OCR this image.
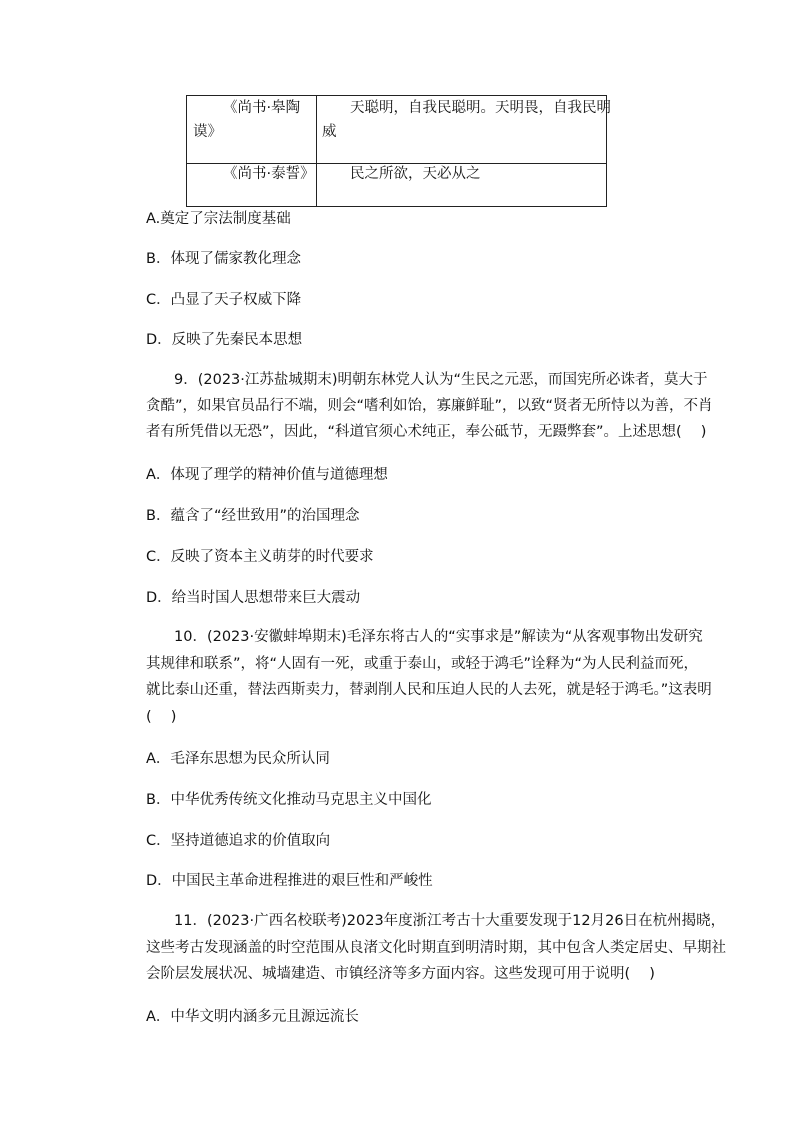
《尚书·皋陶
谟》	天聪明，自我民聪明。天明畏，自我民明
威

《尚书·泰誓》	民之所欲，天必从之
A.奠定了宗法制度基础
B．体现了儒家教化理念
C．凸显了天子权威下降
D．反映了先秦民本思想
9．(2023·江苏盐城期末)明朝东林党人认为“生民之元恶，而国宪所必诛者，莫大于
贪酷”，如果官员品行不端，则会“嗜利如饴，寡廉鲜耻”，以致“贤者无所恃以为善，不肖
者有所凭借以无恐”，因此，“科道官须心术纯正，奉公砥节，无蹑弊套”。上述思想(　 )
A．体现了理学的精神价值与道德理想
B．蕴含了“经世致用”的治国理念
C．反映了资本主义萌芽的时代要求
D．给当时国人思想带来巨大震动
10．(2023·安徽蚌埠期末)毛泽东将古人的“实事求是”解读为“从客观事物出发研究
其规律和联系”，将“人固有一死，或重于泰山，或轻于鸿毛”诠释为“为人民利益而死，
就比泰山还重，替法西斯卖力，替剥削人民和压迫人民的人去死，就是轻于鸿毛。”这表明
(　 )
A．毛泽东思想为民众所认同
B．中华优秀传统文化推动马克思主义中国化
C．坚持道德追求的价值取向
D．中国民主革命进程推进的艰巨性和严峻性
11．(2023·广西名校联考)2023年度浙江考古十大重要发现于12月26日在杭州揭晓，
这些考古发现涵盖的时空范围从良渚文化时期直到明清时期，其中包含人类定居史、早期社
会阶层发展状况、城墙建造、市镇经济等多方面内容。这些发现可用于说明(　 )
A．中华文明内涵多元且源远流长
